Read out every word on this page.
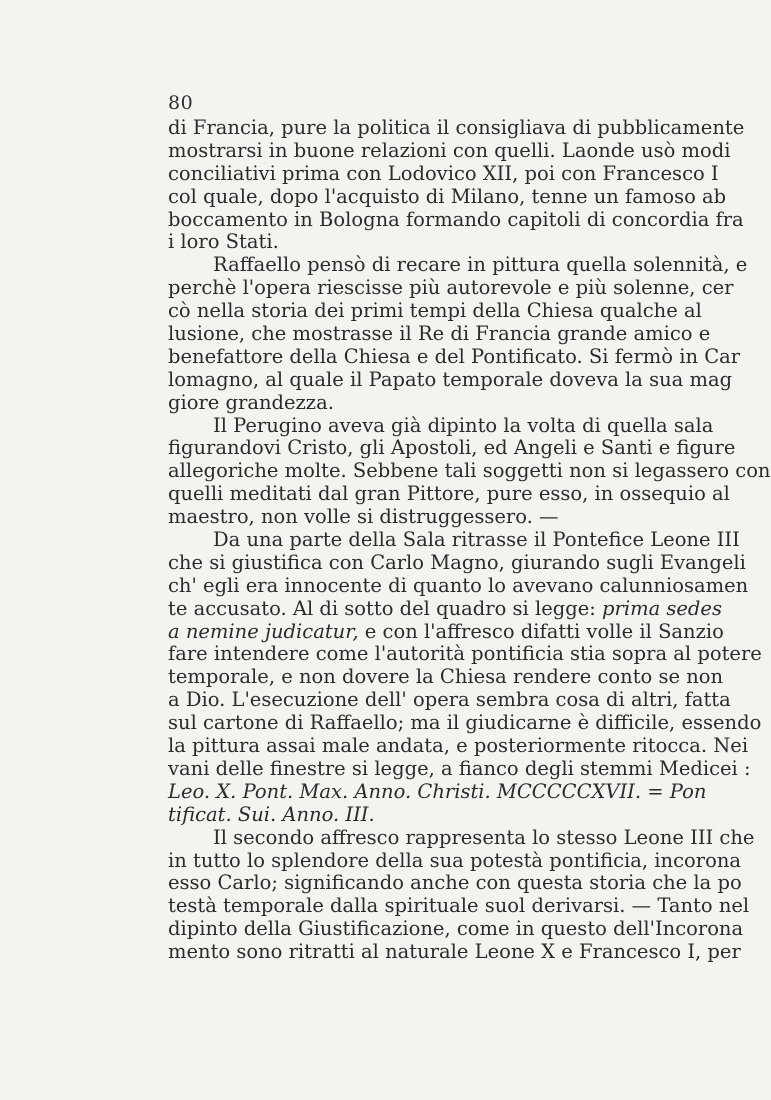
80
di Francia, pure la politica il consigliava di pubblicamente
mostrarsi in buone relazioni con quelli. Laonde usò modi
conciliativi prima con Lodovico XII, poi con Francesco I
col quale, dopo l'acquisto di Milano, tenne un famoso ab
boccamento in Bologna formando capitoli di concordia fra
i loro Stati.
Raffaello pensò di recare in pittura quella solennità, e
perchè l'opera riescisse più autorevole e più solenne, cer
cò nella storia dei primi tempi della Chiesa qualche al
lusione, che mostrasse il Re di Francia grande amico e
benefattore della Chiesa e del Pontificato. Si fermò in Car
lomagno, al quale il Papato temporale doveva la sua mag
giore grandezza.
Il Perugino aveva già dipinto la volta di quella sala
figurandovi Cristo, gli Apostoli, ed Angeli e Santi e figure
allegoriche molte. Sebbene tali soggetti non si legassero con
quelli meditati dal gran Pittore, pure esso, in ossequio al
maestro, non volle si distruggessero. —
Da una parte della Sala ritrasse il Pontefice Leone III
che si giustifica con Carlo Magno, giurando sugli Evangeli
ch' egli era innocente di quanto lo avevano calunniosamen
te accusato. Al di sotto del quadro si legge: prima sedes
a nemine judicatur, e con l'affresco difatti volle il Sanzio
fare intendere come l'autorità pontificia stia sopra al potere
temporale, e non dovere la Chiesa rendere conto se non
a Dio. L'esecuzione dell' opera sembra cosa di altri, fatta
sul cartone di Raffaello; ma il giudicarne è difficile, essendo
la pittura assai male andata, e posteriormente ritocca. Nei
vani delle finestre si legge, a fianco degli stemmi Medicei :
Leo. X. Pont. Max. Anno. Christi. MCCCCCXVII. = Pon
tificat. Sui. Anno. III.
Il secondo affresco rappresenta lo stesso Leone III che
in tutto lo splendore della sua potestà pontificia, incorona
esso Carlo; significando anche con questa storia che la po
testà temporale dalla spirituale suol derivarsi. — Tanto nel
dipinto della Giustificazione, come in questo dell'Incorona
mento sono ritratti al naturale Leone X e Francesco I, per
